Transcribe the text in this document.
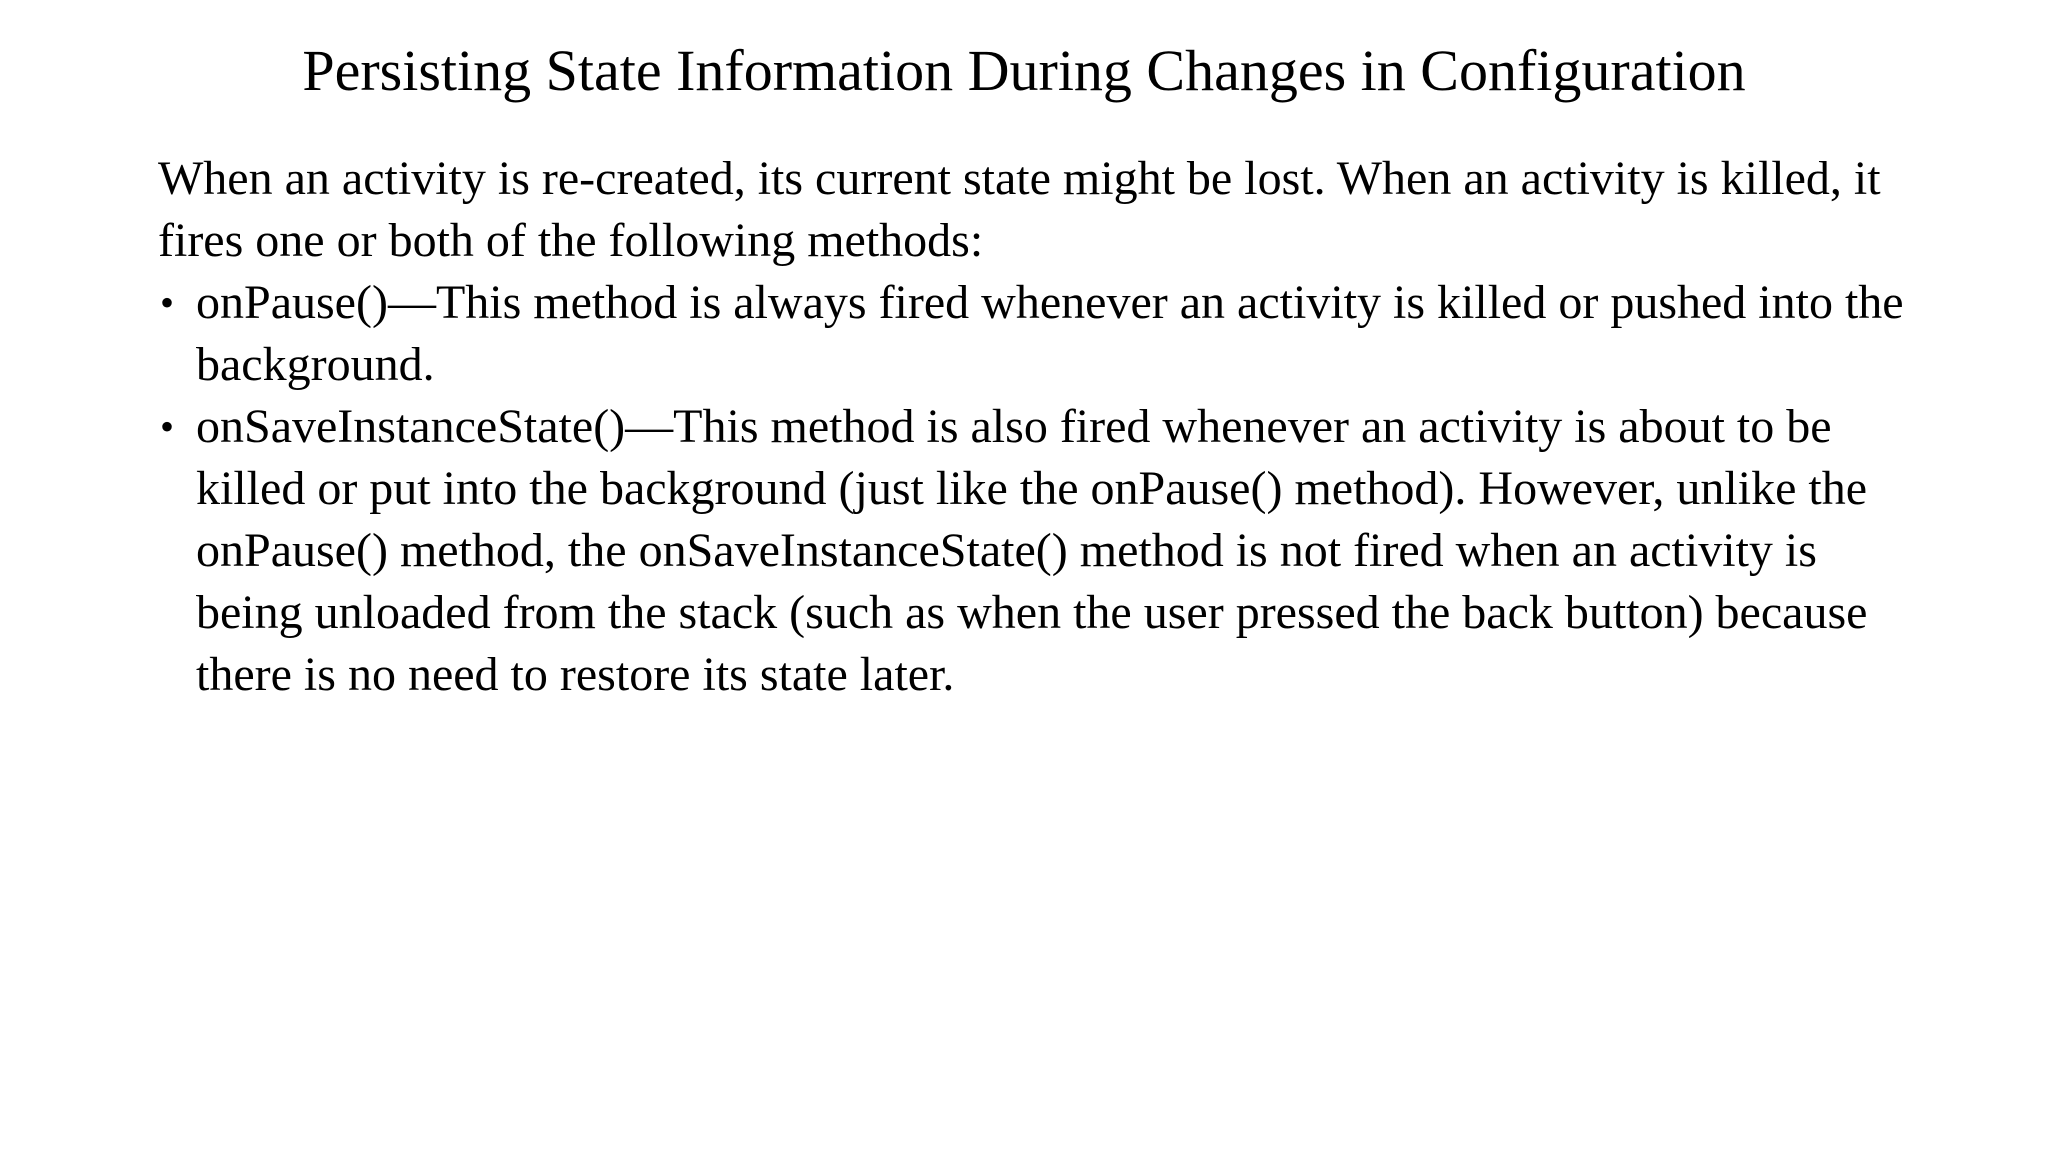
Persisting State Information During Changes in Configuration

When an activity is re-created, its current state might be lost. When an activity is killed, it fires one or both of the following methods:

• onPause()—This method is always fired whenever an activity is killed or pushed into the background.
• onSaveInstanceState()—This method is also fired whenever an activity is about to be killed or put into the background (just like the onPause() method). However, unlike the onPause() method, the onSaveInstanceState() method is not fired when an activity is being unloaded from the stack (such as when the user pressed the back button) because there is no need to restore its state later.
